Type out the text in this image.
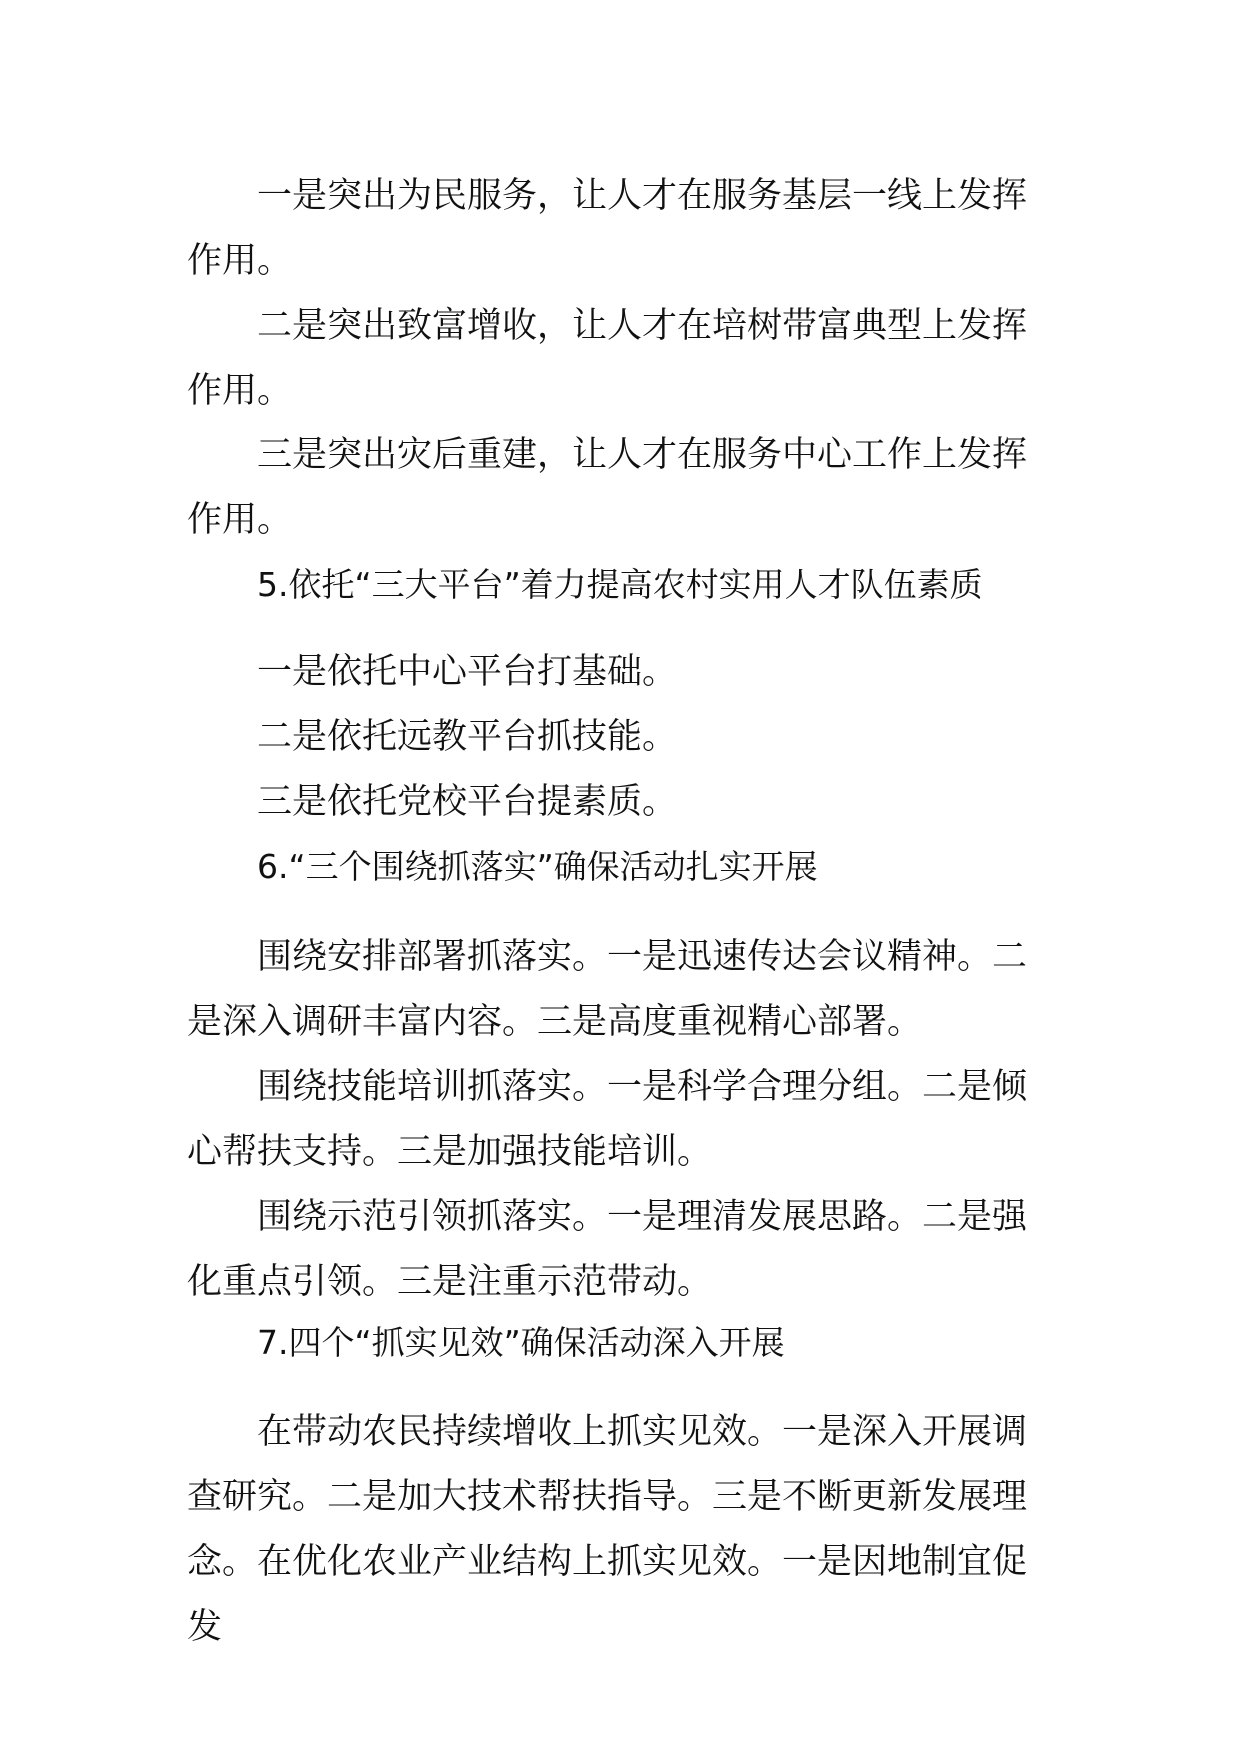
一是突出为民服务，让人才在服务基层一线上发挥作用。
二是突出致富增收，让人才在培树带富典型上发挥作用。
三是突出灾后重建，让人才在服务中心工作上发挥作用。
5.依托“三大平台”着力提高农村实用人才队伍素质
一是依托中心平台打基础。
二是依托远教平台抓技能。
三是依托党校平台提素质。
6.“三个围绕抓落实”确保活动扎实开展
围绕安排部署抓落实。一是迅速传达会议精神。二是深入调研丰富内容。三是高度重视精心部署。
围绕技能培训抓落实。一是科学合理分组。二是倾心帮扶支持。三是加强技能培训。
围绕示范引领抓落实。一是理清发展思路。二是强化重点引领。三是注重示范带动。
7.四个“抓实见效”确保活动深入开展
在带动农民持续增收上抓实见效。一是深入开展调查研究。二是加大技术帮扶指导。三是不断更新发展理念。 在优化农业产业结构上抓实见效。一是因地制宜促发
